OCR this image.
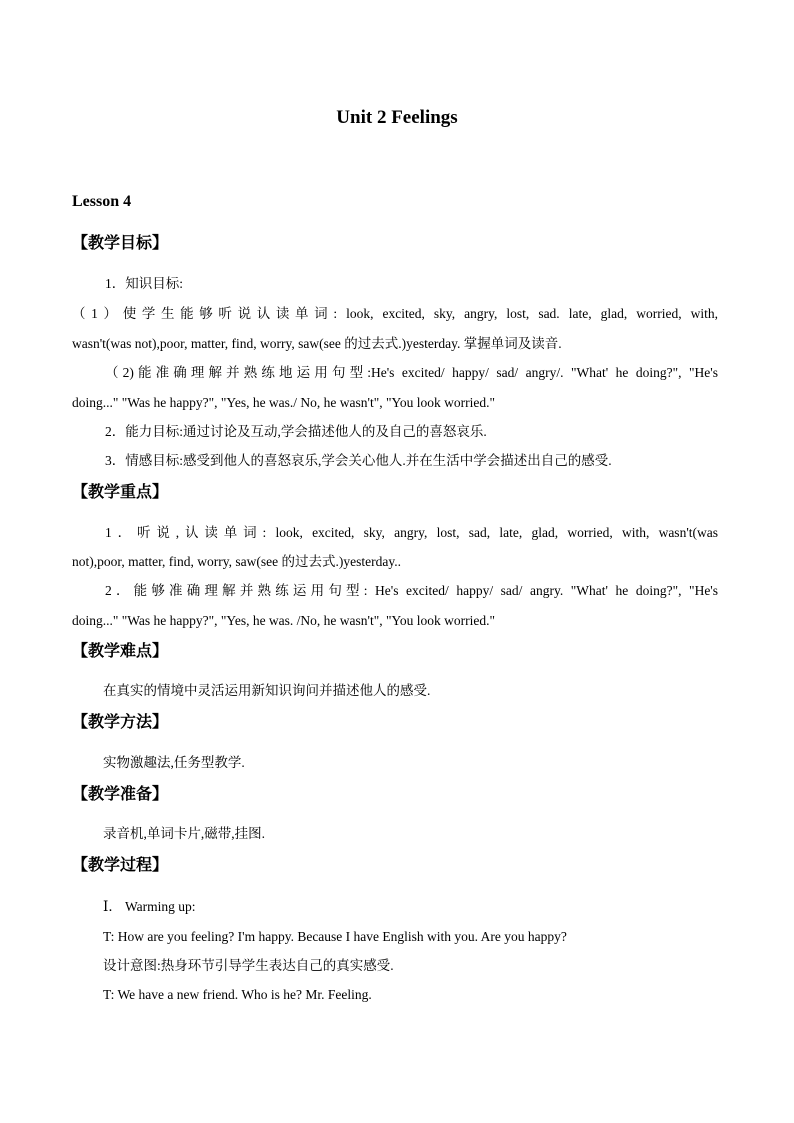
Unit 2 Feelings
Lesson 4
【教学目标】
1．知识目标:
（1）使学生能够听说认读单词: look, excited, sky, angry, lost, sad. late, glad, worried, with,
wasn't(was not),poor, matter, find, worry, saw(see 的过去式.)yesterday. 掌握单词及读音.
（2)能准确理解并熟练地运用句型:He's excited/ happy/ sad/ angry/. "What' he doing?", "He's
doing..." "Was he happy?", "Yes, he was./ No, he wasn't", "You look worried."
2．能力目标:通过讨论及互动,学会描述他人的及自己的喜怒哀乐.
3．情感目标:感受到他人的喜怒哀乐,学会关心他人.并在生活中学会描述出自己的感受.
【教学重点】
1．听说,认读单词: look, excited, sky, angry, lost, sad, late, glad, worried, with, wasn't(was
not),poor, matter, find, worry, saw(see 的过去式.)yesterday..
2．能够准确理解并熟练运用句型: He's excited/ happy/ sad/ angry. "What' he doing?", "He's
doing..." "Was he happy?", "Yes, he was. /No, he wasn't", "You look worried."
【教学难点】
在真实的情境中灵活运用新知识询问并描述他人的感受.
【教学方法】
实物激趣法,任务型教学.
【教学准备】
录音机,单词卡片,磁带,挂图.
【教学过程】
Ⅰ． Warming up:
T: How are you feeling? I'm happy. Because I have English with you. Are you happy?
设计意图:热身环节引导学生表达自己的真实感受.
T: We have a new friend. Who is he? Mr. Feeling.
